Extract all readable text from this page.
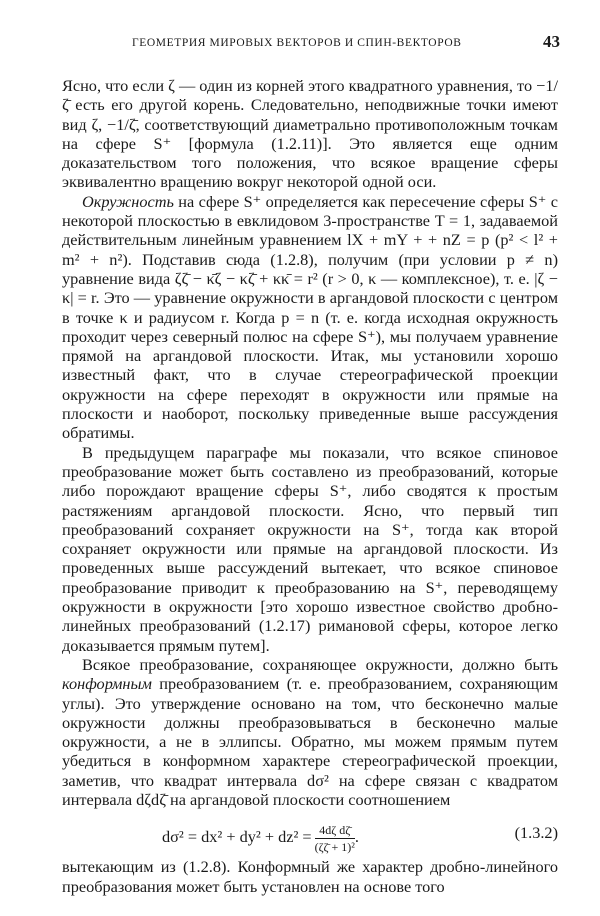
ГЕОМЕТРИЯ МИРОВЫХ ВЕКТОРОВ И СПИН-ВЕКТОРОВ	43

Ясно, что если ζ — один из корней этого квадратного уравнения, то −1/ζ̄ есть его другой корень. Следовательно, неподвижные точки имеют вид ζ, −1/ζ̄, соответствующий диаметрально противоположным точкам на сфере S⁺ [формула (1.2.11)]. Это является еще одним доказательством того положения, что всякое вращение сферы эквивалентно вращению вокруг некоторой одной оси.

Окружность на сфере S⁺ определяется как пересечение сферы S⁺ с некоторой плоскостью в евклидовом 3-пространстве T = 1, задаваемой действительным линейным уравнением lX + mY + + nZ = p (p² < l² + m² + n²). Подставив сюда (1.2.8), получим (при условии p ≠ n) уравнение вида ζζ̄ − κ̄ζ − κζ̄ + κκ̄ = r² (r > 0, κ — комплексное), т. е. |ζ − κ| = r. Это — уравнение окружности в аргандовой плоскости с центром в точке κ и радиусом r. Когда p = n (т. е. когда исходная окружность проходит через северный полюс на сфере S⁺), мы получаем уравнение прямой на аргандовой плоскости. Итак, мы установили хорошо известный факт, что в случае стереографической проекции окружности на сфере переходят в окружности или прямые на плоскости и наоборот, поскольку приведенные выше рассуждения обратимы.

В предыдущем параграфе мы показали, что всякое спиновое преобразование может быть составлено из преобразований, которые либо порождают вращение сферы S⁺, либо сводятся к простым растяжениям аргандовой плоскости. Ясно, что первый тип преобразований сохраняет окружности на S⁺, тогда как второй сохраняет окружности или прямые на аргандовой плоскости. Из проведенных выше рассуждений вытекает, что всякое спиновое преобразование приводит к преобразованию на S⁺, переводящему окружности в окружности [это хорошо известное свойство дробно-линейных преобразований (1.2.17) римановой сферы, которое легко доказывается прямым путем].

Всякое преобразование, сохраняющее окружности, должно быть конформным преобразованием (т. е. преобразованием, сохраняющим углы). Это утверждение основано на том, что бесконечно малые окружности должны преобразовываться в бесконечно малые окружности, а не в эллипсы. Обратно, мы можем прямым путем убедиться в конформном характере стереографической проекции, заметив, что квадрат интервала dσ² на сфере связан с квадратом интервала dζdζ̄ на аргандовой плоскости соотношением

$d\sigma^2 = dx^2 + dy^2 + dz^2 = \frac{\text{4dζ dζ̄}}{\text{(ζζ̄ + 1)²}}$ .	(1.3.2)

вытекающим из (1.2.8). Конформный же характер дробно-линейного преобразования может быть установлен на основе того
